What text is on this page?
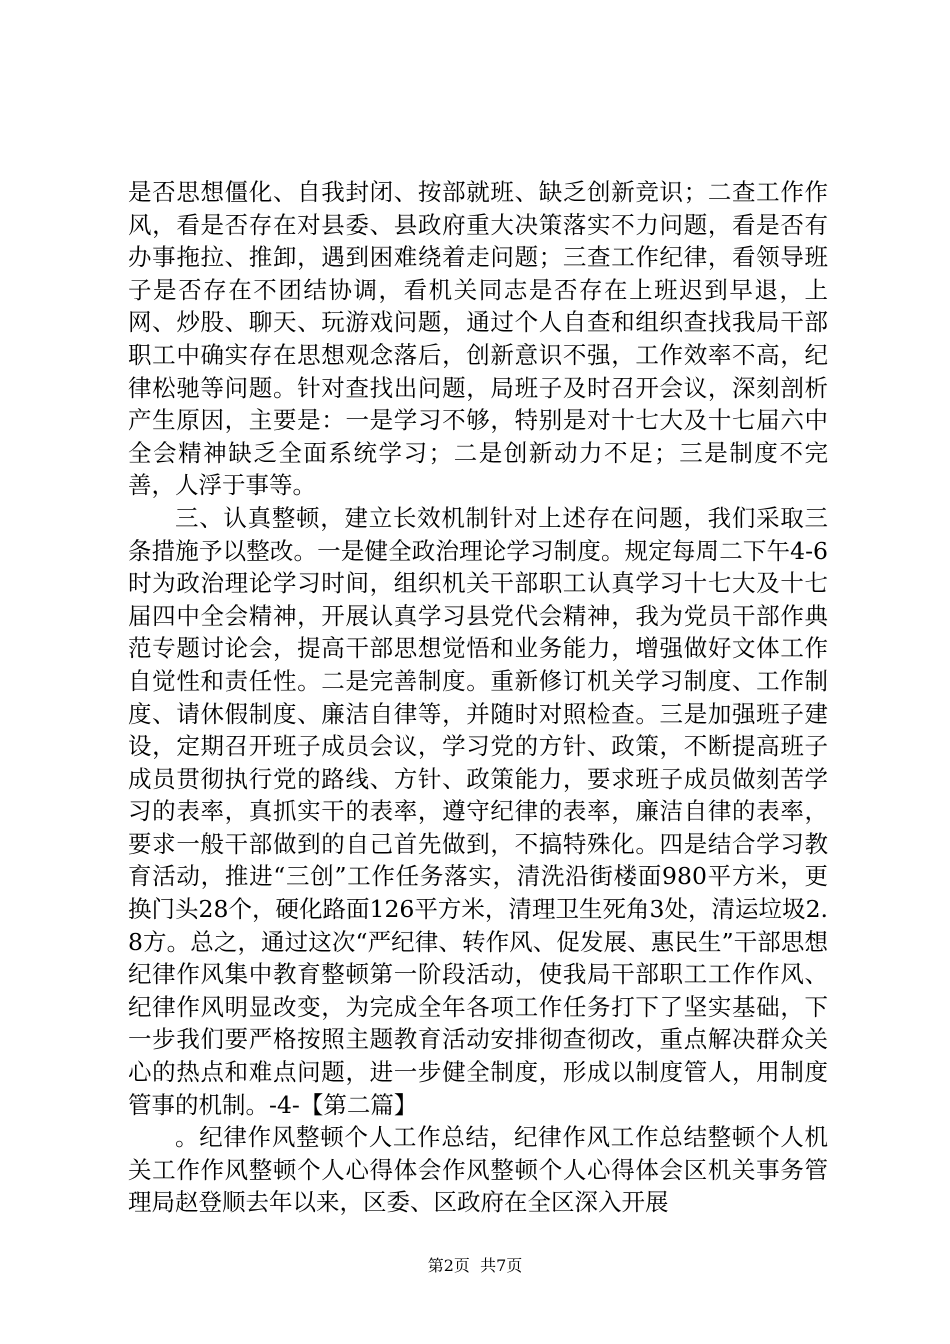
是否思想僵化、自我封闭、按部就班、缺乏创新竞识；二查工作作风，看是否存在对县委、县政府重大决策落实不力问题，看是否有办事拖拉、推卸，遇到困难绕着走问题；三查工作纪律，看领导班子是否存在不团结协调，看机关同志是否存在上班迟到早退，上网、炒股、聊天、玩游戏问题，通过个人自查和组织查找我局干部职工中确实存在思想观念落后，创新意识不强，工作效率不高，纪律松驰等问题。针对查找出问题，局班子及时召开会议，深刻剖析产生原因，主要是：一是学习不够，特别是对十七大及十七届六中全会精神缺乏全面系统学习；二是创新动力不足；三是制度不完善，人浮于事等。

三、认真整顿，建立长效机制针对上述存在问题，我们采取三条措施予以整改。一是健全政治理论学习制度。规定每周二下午4-6时为政治理论学习时间，组织机关干部职工认真学习十七大及十七届四中全会精神，开展认真学习县党代会精神，我为党员干部作典范专题讨论会，提高干部思想觉悟和业务能力，增强做好文体工作自觉性和责任性。二是完善制度。重新修订机关学习制度、工作制度、请休假制度、廉洁自律等，并随时对照检查。三是加强班子建设，定期召开班子成员会议，学习党的方针、政策，不断提高班子成员贯彻执行党的路线、方针、政策能力，要求班子成员做刻苦学习的表率，真抓实干的表率，遵守纪律的表率，廉洁自律的表率，要求一般干部做到的自己首先做到，不搞特殊化。四是结合学习教育活动，推进“三创”工作任务落实，清洗沿街楼面980平方米，更换门头28个，硬化路面126平方米，清理卫生死角3处，清运垃圾2.8方。总之，通过这次“严纪律、转作风、促发展、惠民生”干部思想纪律作风集中教育整顿第一阶段活动，使我局干部职工工作作风、纪律作风明显改变，为完成全年各项工作任务打下了坚实基础，下一步我们要严格按照主题教育活动安排彻查彻改，重点解决群众关心的热点和难点问题，进一步健全制度，形成以制度管人，用制度管事的机制。-4-【第二篇】

。纪律作风整顿个人工作总结，纪律作风工作总结整顿个人机关工作作风整顿个人心得体会作风整顿个人心得体会区机关事务管理局赵登顺去年以来，区委、区政府在全区深入开展

第2页  共7页
